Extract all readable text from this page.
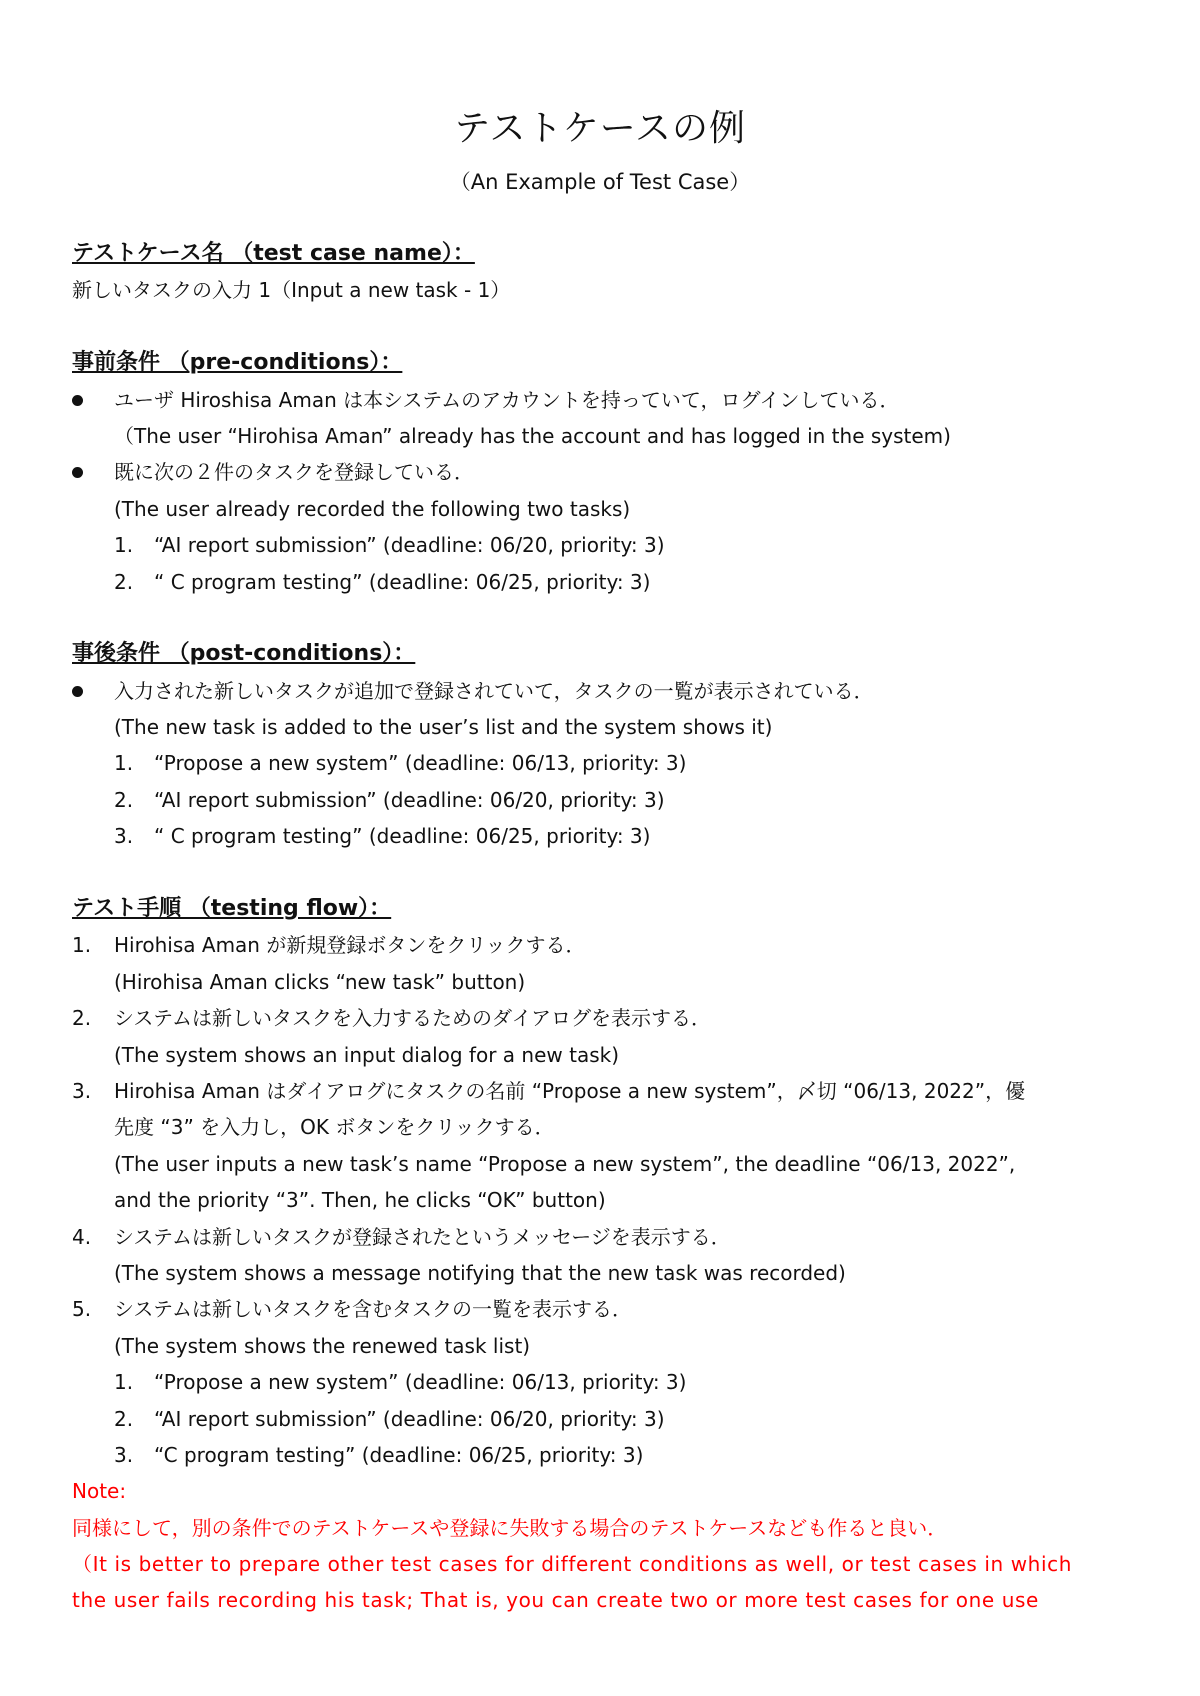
テストケースの例
（An Example of Test Case）
テストケース名 （test case name）：
新しいタスクの入力 1（Input a new task - 1）
事前条件 （pre-conditions）：
ユーザ Hiroshisa Aman は本システムのアカウントを持っていて，ログインしている．
（The user “Hirohisa Aman” already has the account and has logged in the system)
既に次の２件のタスクを登録している．
(The user already recorded the following two tasks)
1. “AI report submission” (deadline: 06/20, priority: 3)
2. “ C program testing” (deadline: 06/25, priority: 3)
事後条件 （post-conditions）：
入力された新しいタスクが追加で登録されていて，タスクの一覧が表示されている．
(The new task is added to the user’s list and the system shows it)
1. “Propose a new system” (deadline: 06/13, priority: 3)
2. “AI report submission” (deadline: 06/20, priority: 3)
3. “ C program testing” (deadline: 06/25, priority: 3)
テスト手順 （testing flow）：
1. Hirohisa Aman が新規登録ボタンをクリックする．
(Hirohisa Aman clicks “new task” button)
2. システムは新しいタスクを入力するためのダイアログを表示する．
(The system shows an input dialog for a new task)
3. Hirohisa Aman はダイアログにタスクの名前 “Propose a new system”，〆切 “06/13, 2022”，優
先度 “3” を入力し，OK ボタンをクリックする．
(The user inputs a new task’s name “Propose a new system”, the deadline “06/13, 2022”,
and the priority “3”. Then, he clicks “OK” button)
4. システムは新しいタスクが登録されたというメッセージを表示する．
(The system shows a message notifying that the new task was recorded)
5. システムは新しいタスクを含むタスクの一覧を表示する．
(The system shows the renewed task list)
1. “Propose a new system” (deadline: 06/13, priority: 3)
2. “AI report submission” (deadline: 06/20, priority: 3)
3. “C program testing” (deadline: 06/25, priority: 3)
Note:
同様にして，別の条件でのテストケースや登録に失敗する場合のテストケースなども作ると良い．
（It is better to prepare other test cases for different conditions as well, or test cases in which
the user fails recording his task; That is, you can create two or more test cases for one use
